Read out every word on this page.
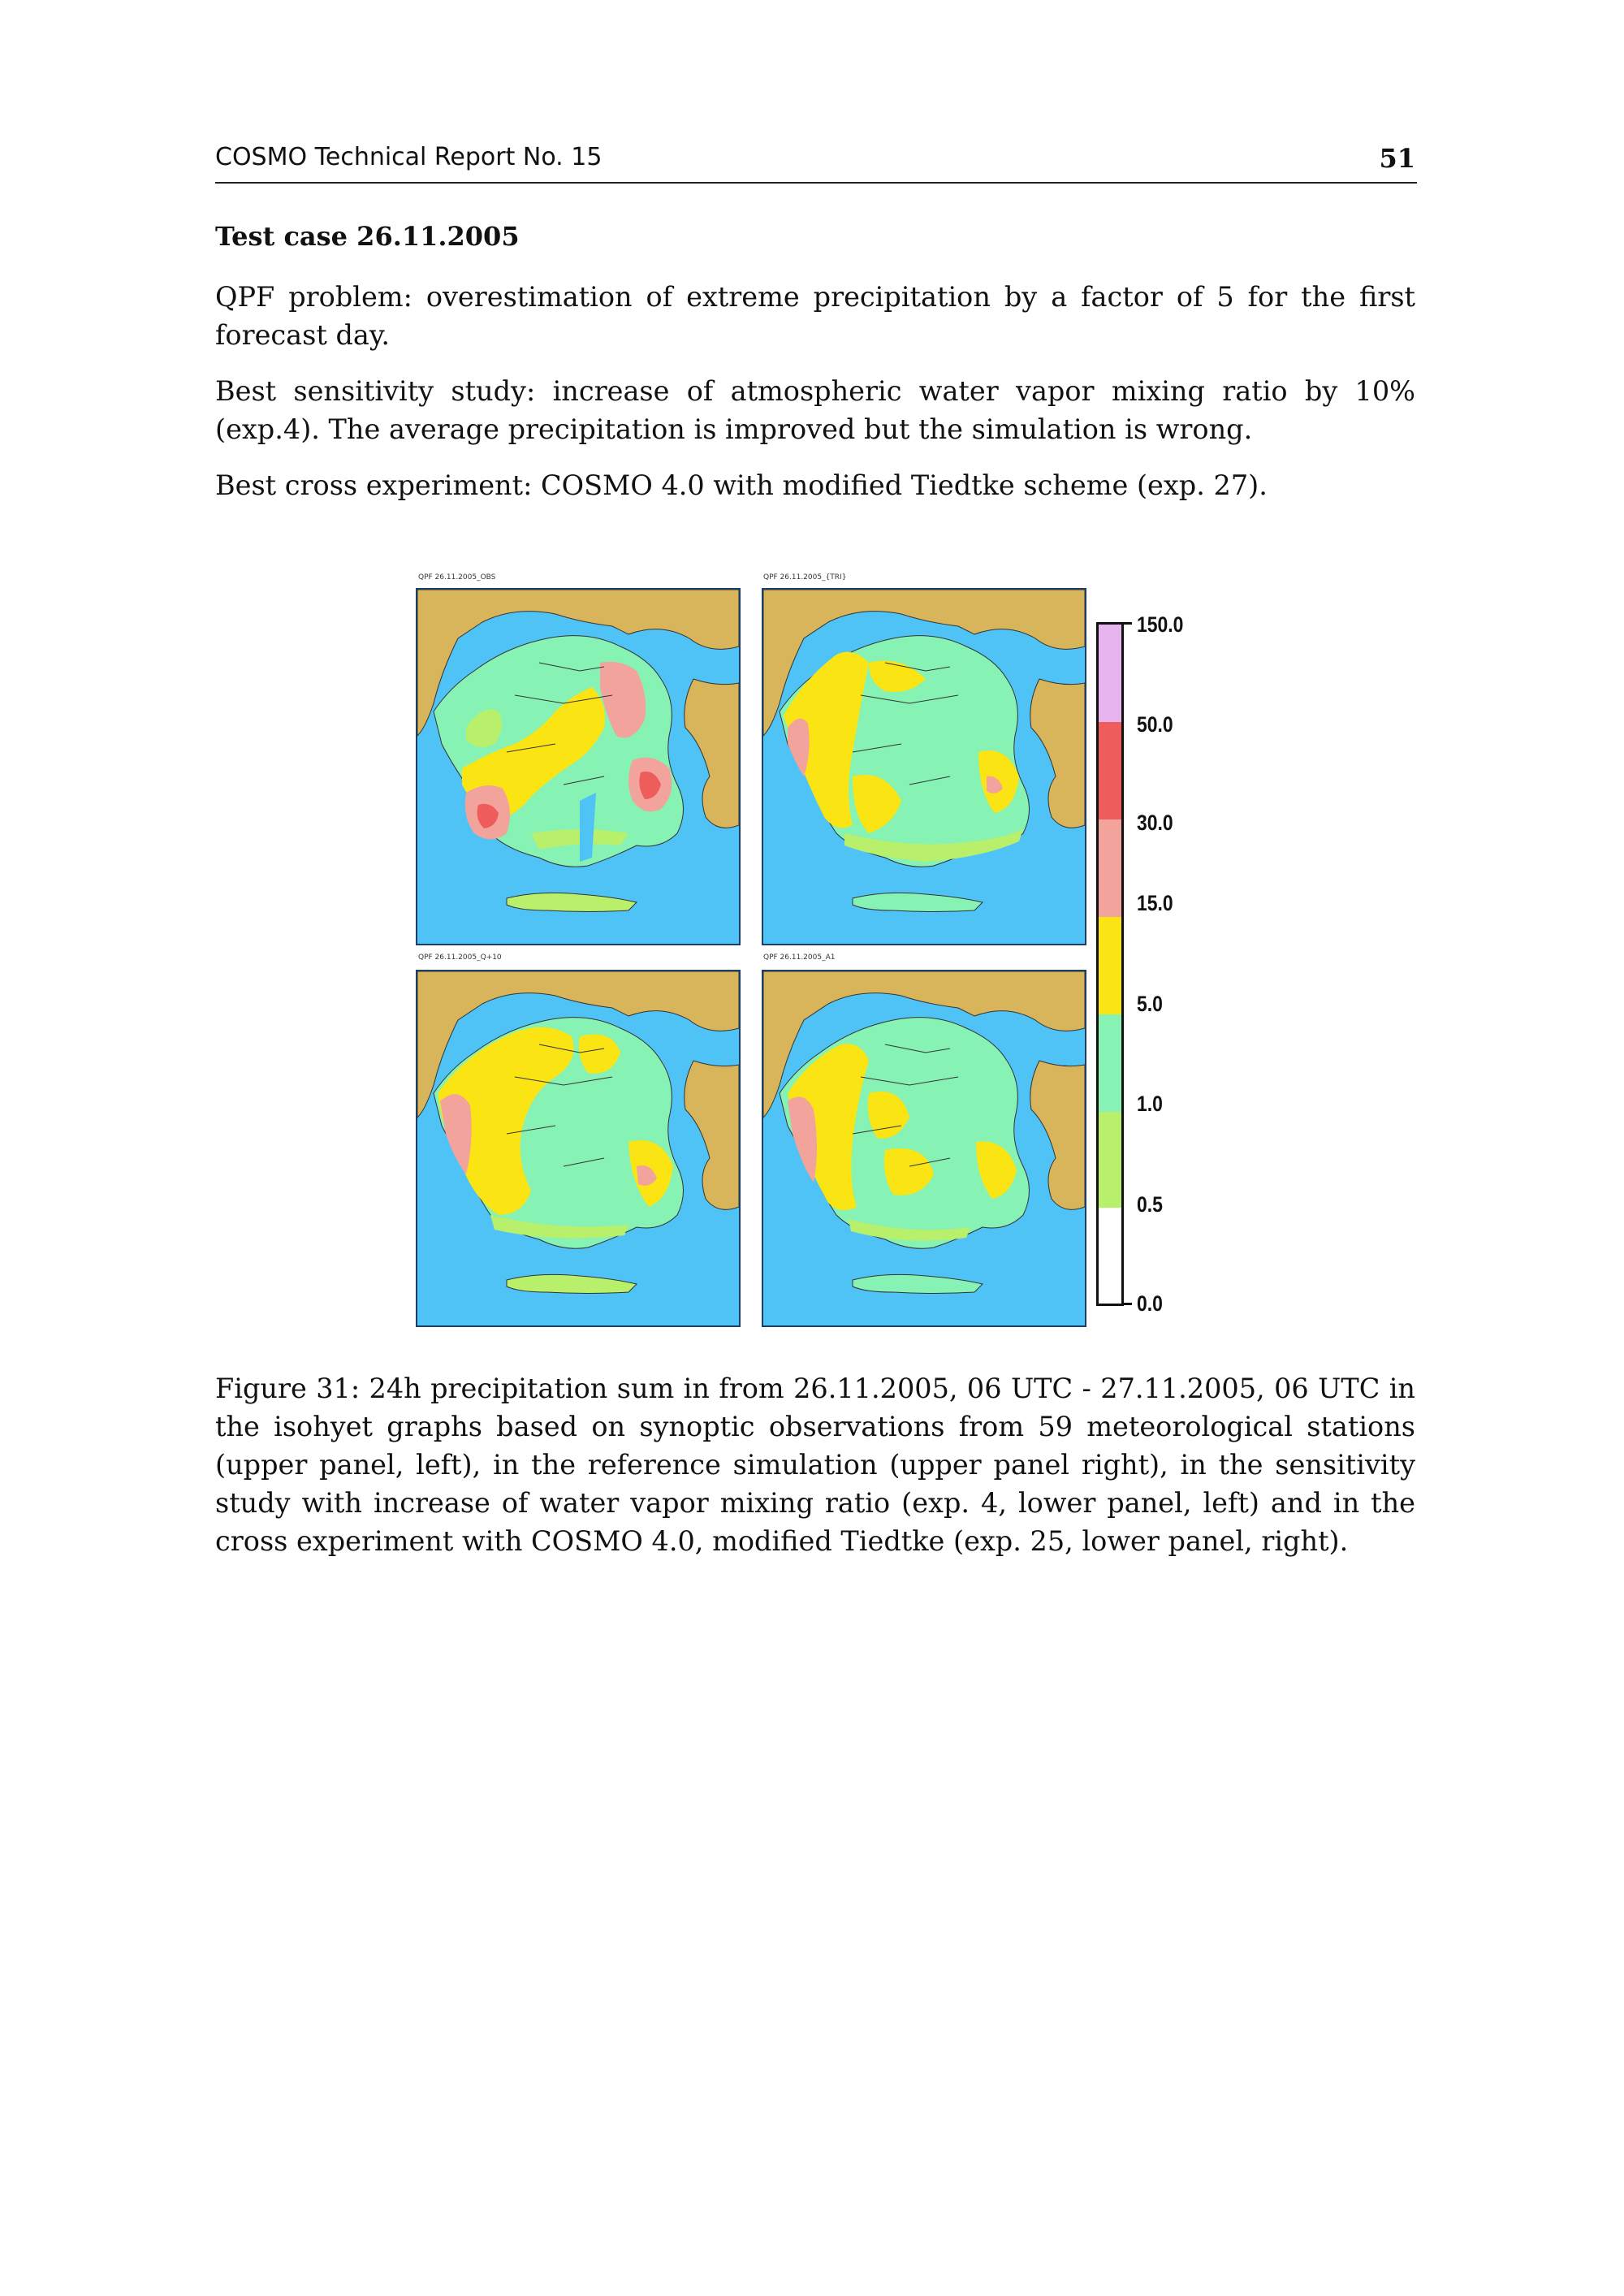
COSMO Technical Report No. 15	51
Test case 26.11.2005

QPF problem: overestimation of extreme precipitation by a factor of 5 for the first forecast day.

Best sensitivity study: increase of atmospheric water vapor mixing ratio by 10% (exp.4). The average precipitation is improved but the simulation is wrong.

Best cross experiment: COSMO 4.0 with modified Tiedtke scheme (exp. 27).

QPF 26.11.2005_OBS	QPF 26.11.2005_{TRI}
QPF 26.11.2005_Q+10	QPF 26.11.2005_A1
150.0
50.0
30.0
15.0
5.0
1.0
0.5
0.0

Figure 31: 24h precipitation sum in from 26.11.2005, 06 UTC - 27.11.2005, 06 UTC in the isohyet graphs based on synoptic observations from 59 meteorological stations (upper panel, left), in the reference simulation (upper panel right), in the sensitivity study with increase of water vapor mixing ratio (exp. 4, lower panel, left) and in the cross experiment with COSMO 4.0, modified Tiedtke (exp. 25, lower panel, right).
